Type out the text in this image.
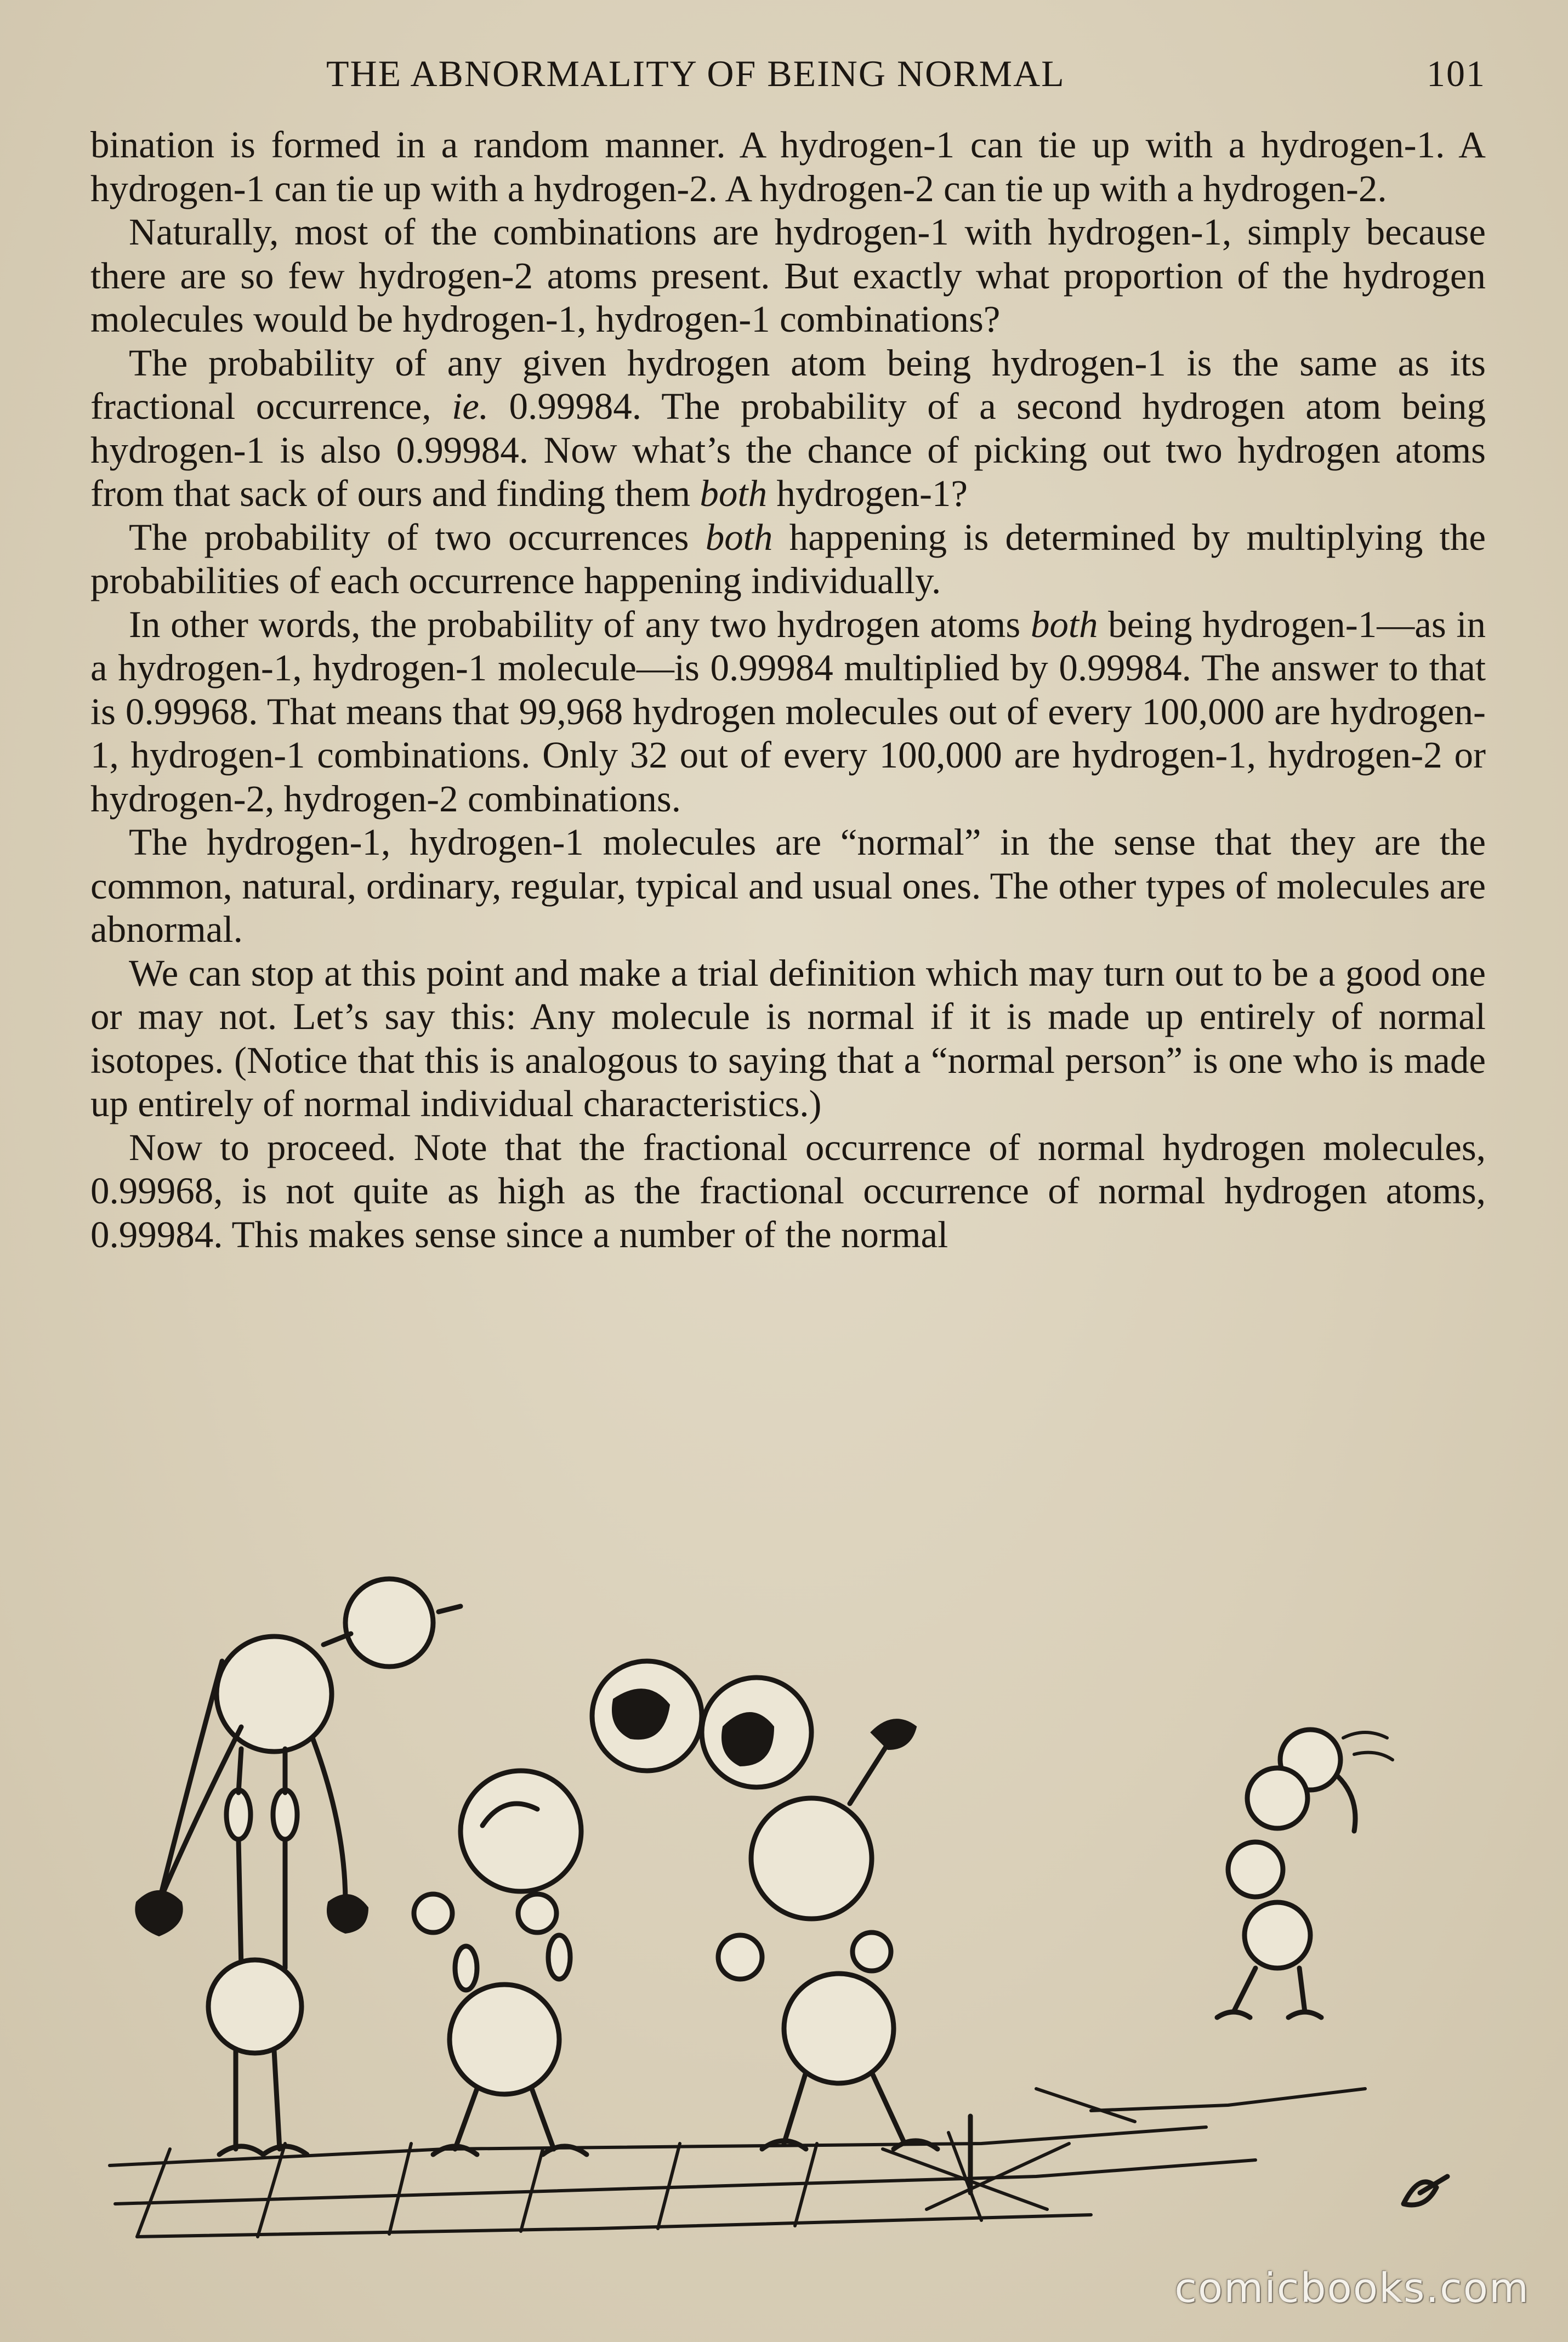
THE ABNORMALITY OF BEING NORMAL	101

bination is formed in a random manner. A hydrogen-1 can tie up with a hydrogen-1. A hydrogen-1 can tie up with a hydrogen-2. A hydrogen-2 can tie up with a hydrogen-2.

Naturally, most of the combinations are hydrogen-1 with hydrogen-1, simply because there are so few hydrogen-2 atoms present. But exactly what proportion of the hydrogen molecules would be hydrogen-1, hydrogen-1 combinations?

The probability of any given hydrogen atom being hydrogen-1 is the same as its fractional occurrence, ie. 0.99984. The probability of a second hydrogen atom being hydrogen-1 is also 0.99984. Now what’s the chance of picking out two hydrogen atoms from that sack of ours and finding them both hydrogen-1?

The probability of two occurrences both happening is determined by multiplying the probabilities of each occurrence happening individually.

In other words, the probability of any two hydrogen atoms both being hydrogen-1—as in a hydrogen-1, hydrogen-1 molecule—is 0.99984 multiplied by 0.99984. The answer to that is 0.99968. That means that 99,968 hydrogen molecules out of every 100,000 are hydrogen-1, hydrogen-1 combinations. Only 32 out of every 100,000 are hydrogen-1, hydrogen-2 or hydrogen-2, hydrogen-2 combinations.

The hydrogen-1, hydrogen-1 molecules are “normal” in the sense that they are the common, natural, ordinary, regular, typical and usual ones. The other types of molecules are abnormal.

We can stop at this point and make a trial definition which may turn out to be a good one or may not. Let’s say this: Any molecule is normal if it is made up entirely of normal isotopes. (Notice that this is analogous to saying that a “normal person” is one who is made up entirely of normal individual characteristics.)

Now to proceed. Note that the fractional occurrence of normal hydrogen molecules, 0.99968, is not quite as high as the fractional occurrence of normal hydrogen atoms, 0.99984. This makes sense since a number of the normal

comicbooks.com
